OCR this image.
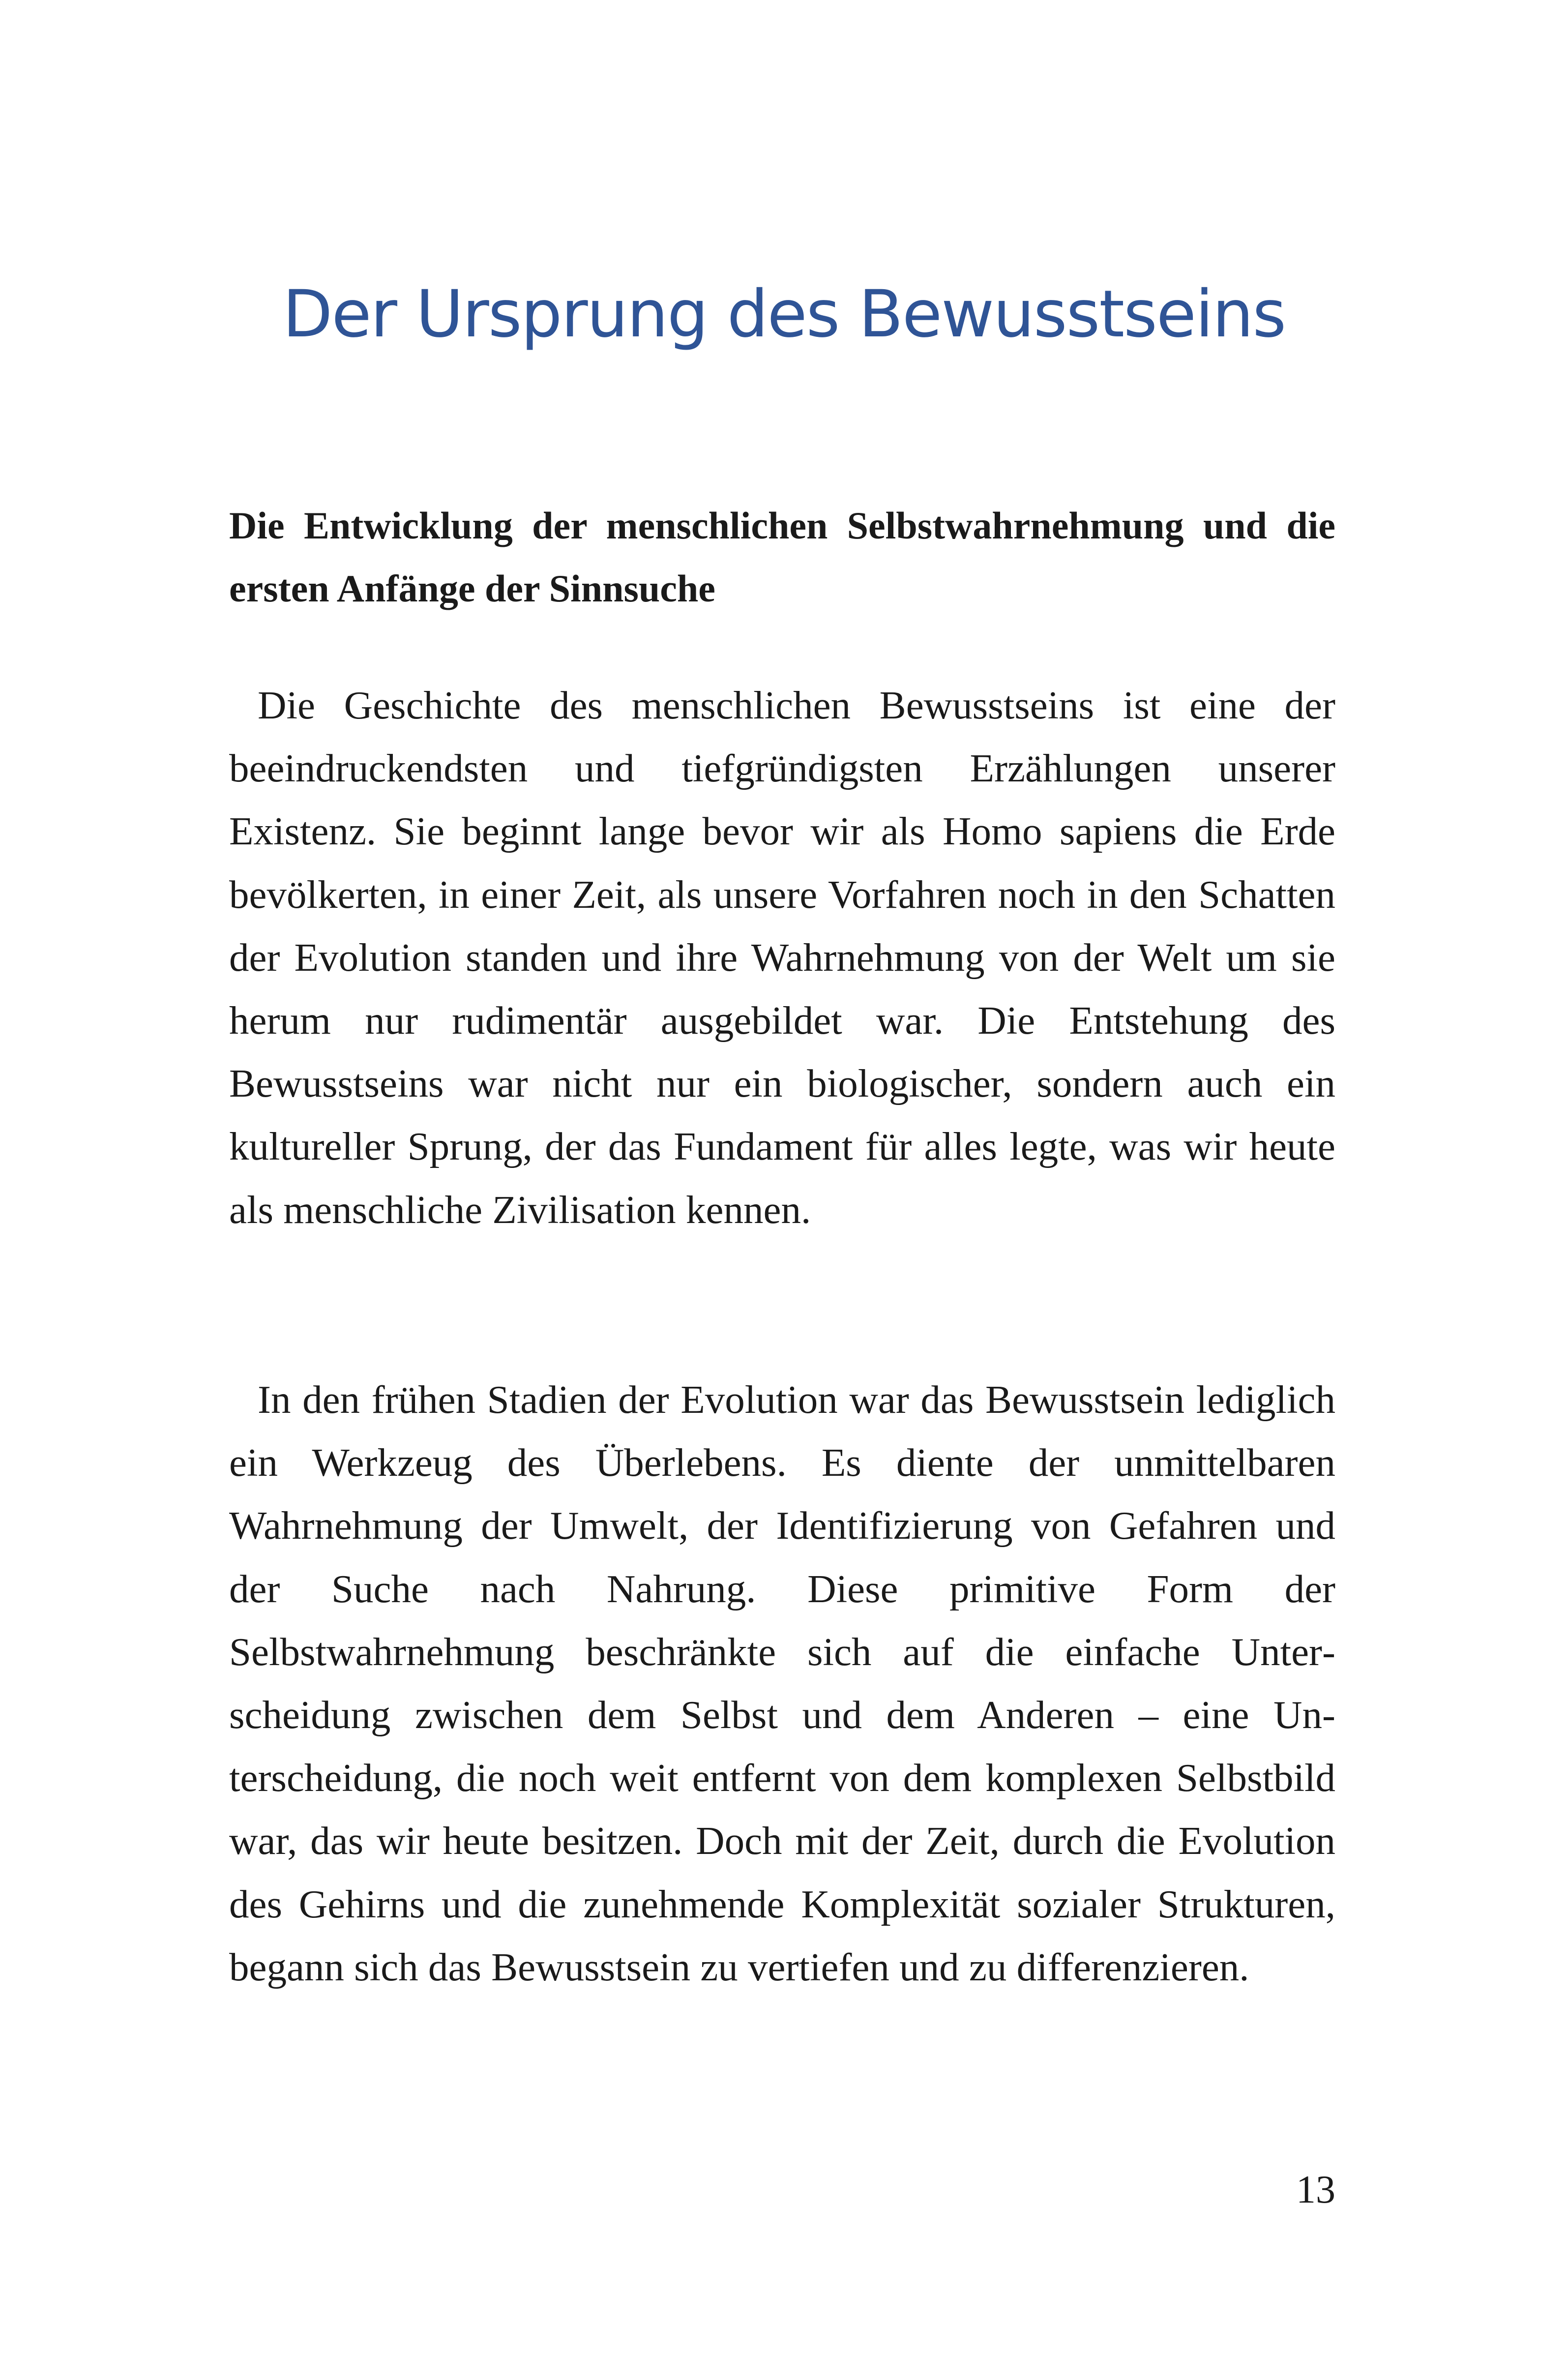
Der Ursprung des Bewusstseins
Die Entwicklung der menschlichen Selbstwahrnehmung und die ersten Anfänge der Sinnsuche

Die Geschichte des menschlichen Bewusstseins ist eine der beeindruckendsten und tiefgründigsten Erzählungen unserer Existenz. Sie beginnt lange bevor wir als Homo sapiens die Erde bevölkerten, in einer Zeit, als unsere Vorfahren noch in den Schatten der Evolution standen und ihre Wahrnehmung von der Welt um sie herum nur rudimentär ausgebildet war. Die Entstehung des Bewusstseins war nicht nur ein biologischer, sondern auch ein kultureller Sprung, der das Fundament für alles legte, was wir heute als menschliche Zivilisation kennen.

In den frühen Stadien der Evolution war das Bewusstsein lediglich ein Werkzeug des Überlebens. Es diente der unmittelbaren Wahrnehmung der Umwelt, der Identifizierung von Gefahren und der Suche nach Nahrung. Diese primitive Form der Selbstwahrnehmung beschränkte sich auf die einfache Unterscheidung zwischen dem Selbst und dem Anderen – eine Unterscheidung, die noch weit entfernt von dem komplexen Selbstbild war, das wir heute besitzen. Doch mit der Zeit, durch die Evolution des Gehirns und die zunehmende Komplexität sozialer Strukturen, begann sich das Bewusstsein zu vertiefen und zu differenzieren.

13
